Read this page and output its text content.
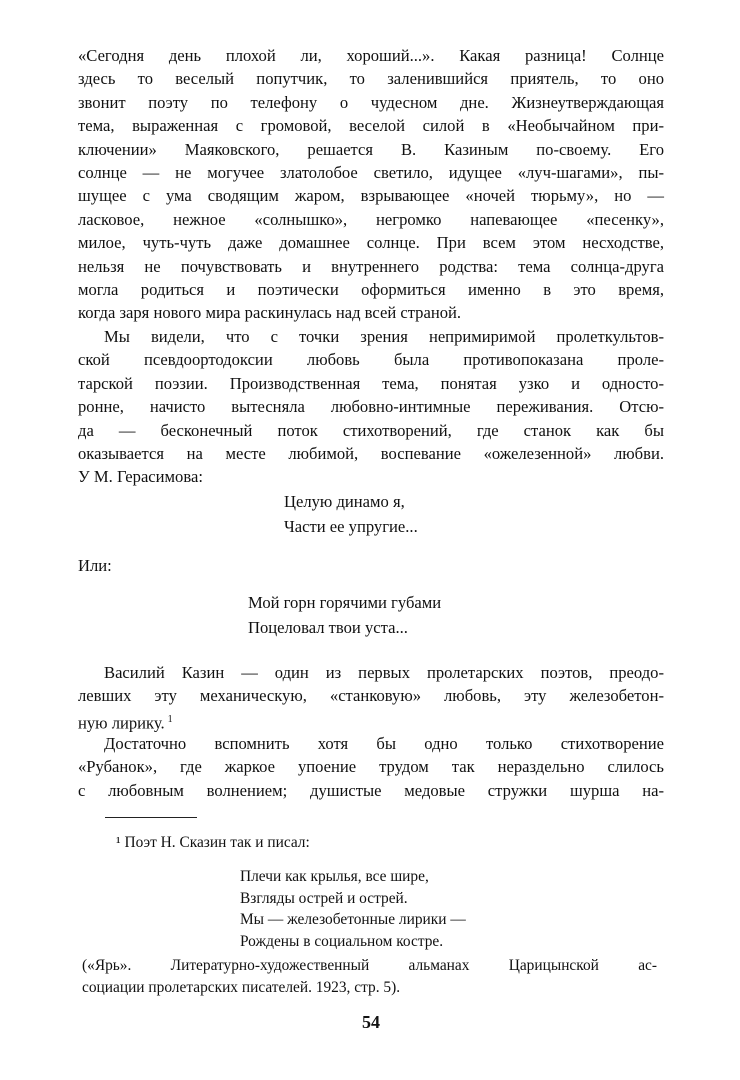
«Сегодня день плохой ли, хороший...». Какая разница! Солнце
здесь то веселый попутчик, то заленившийся приятель, то оно
звонит поэту по телефону о чудесном дне. Жизнеутверждающая
тема, выраженная с громовой, веселой силой в «Необычайном при-
ключении» Маяковского, решается В. Казиным по-своему. Его
солнце — не могучее златолобое светило, идущее «луч-шагами», пы-
шущее с ума сводящим жаром, взрывающее «ночей тюрьму», но —
ласковое, нежное «солнышко», негромко напевающее «песенку»,
милое, чуть-чуть даже домашнее солнце. При всем этом несходстве,
нельзя не почувствовать и внутреннего родства: тема солнца-друга
могла родиться и поэтически оформиться именно в это время,
когда заря нового мира раскинулась над всей страной.
Мы видели, что с точки зрения непримиримой пролеткультов-
ской псевдоортодоксии любовь была противопоказана проле-
тарской поэзии. Производственная тема, понятая узко и односто-
ронне, начисто вытесняла любовно-интимные переживания. Отсю-
да — бесконечный поток стихотворений, где станок как бы
оказывается на месте любимой, воспевание «ожелезенной» любви.
У М. Герасимова:
Целую динамо я,
Части ее упругие...
Или:
Мой горн горячими губами
Поцеловал твои уста...
Василий Казин — один из первых пролетарских поэтов, преодо-
левших эту механическую, «станковую» любовь, эту железобетон-
ную лирику. $^1$
Достаточно вспомнить хотя бы одно только стихотворение
«Рубанок», где жаркое упоение трудом так нераздельно слилось
с любовным волнением; душистые медовые стружки шурша на-
¹ Поэт Н. Сказин так и писал:
Плечи как крылья, все шире,
Взгляды острей и острей.
Мы — железобетонные лирики —
Рождены в социальном костре.
(«Ярь». Литературно-художественный альманах Царицынской ас-
социации пролетарских писателей. 1923, стр. 5).
54
